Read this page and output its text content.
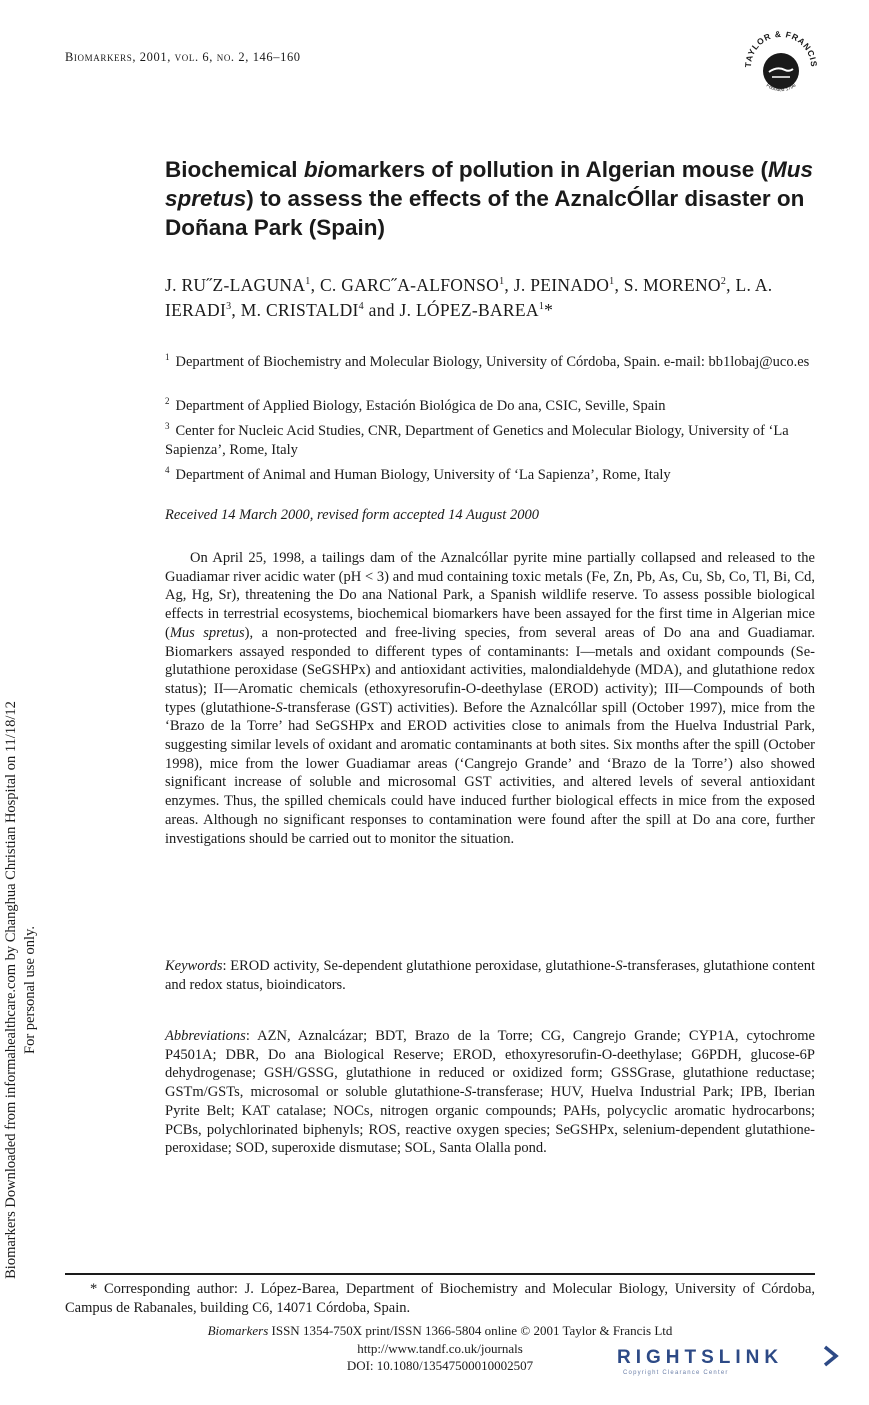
Biomarkers, 2001, vol. 6, no. 2, 146–160
TAYLOR & FRANCIS
Founded 1798
Biomarkers Downloaded from informahealthcare.com by Changhua Christian Hospital on 11/18/12 For personal use only.
Biochemical biomarkers of pollution in Algerian mouse (Mus spretus) to assess the effects of the AznalcÓllar disaster on Doñana Park (Spain)
J. RU˝Z-LAGUNA$^1$, C. GARC˝A-ALFONSO$^1$, J. PEINADO$^1$, S. MORENO$^2$, L. A. IERADI$^3$, M. CRISTALDI$^4$ and J. LÓPEZ-BAREA$^1$*
$^1$ Department of Biochemistry and Molecular Biology, University of Córdoba, Spain. e-mail: bb1lobaj@uco.es
$^2$ Department of Applied Biology, Estación Biológica de Do ana, CSIC, Seville, Spain
$^3$ Center for Nucleic Acid Studies, CNR, Department of Genetics and Molecular Biology, University of ‘La Sapienza’, Rome, Italy
$^4$ Department of Animal and Human Biology, University of ‘La Sapienza’, Rome, Italy
Received 14 March 2000, revised form accepted 14 August 2000

On April 25, 1998, a tailings dam of the Aznalcóllar pyrite mine partially collapsed and released to the Guadiamar river acidic water (pH < 3) and mud containing toxic metals (Fe, Zn, Pb, As, Cu, Sb, Co, Tl, Bi, Cd, Ag, Hg, Sr), threatening the Do ana National Park, a Spanish wildlife reserve. To assess possible biological effects in terrestrial ecosystems, biochemical biomarkers have been assayed for the first time in Algerian mice (Mus spretus), a non-protected and free-living species, from several areas of Do ana and Guadiamar. Biomarkers assayed responded to different types of contaminants: I—metals and oxidant compounds (Se-glutathione peroxidase (SeGSHPx) and antioxidant activities, malondialdehyde (MDA), and glutathione redox status); II—Aromatic chemicals (ethoxyresorufin-O-deethylase (EROD) activity); III—Compounds of both types (glutathione-S-transferase (GST) activities). Before the Aznalcóllar spill (October 1997), mice from the ‘Brazo de la Torre’ had SeGSHPx and EROD activities close to animals from the Huelva Industrial Park, suggesting similar levels of oxidant and aromatic contaminants at both sites. Six months after the spill (October 1998), mice from the lower Guadiamar areas (‘Cangrejo Grande’ and ‘Brazo de la Torre’) also showed significant increase of soluble and microsomal GST activities, and altered levels of several antioxidant enzymes. Thus, the spilled chemicals could have induced further biological effects in mice from the exposed areas. Although no significant responses to contamination were found after the spill at Do ana core, further investigations should be carried out to monitor the situation.

Keywords: EROD activity, Se-dependent glutathione peroxidase, glutathione-S-transferases, glutathione content and redox status, bioindicators.

Abbreviations: AZN, Aznalcázar; BDT, Brazo de la Torre; CG, Cangrejo Grande; CYP1A, cytochrome P4501A; DBR, Do ana Biological Reserve; EROD, ethoxyresorufin-O-deethylase; G6PDH, glucose-6P dehydrogenase; GSH/GSSG, glutathione in reduced or oxidized form; GSSGrase, glutathione reductase; GSTm/GSTs, microsomal or soluble glutathione-S-transferase; HUV, Huelva Industrial Park; IPB, Iberian Pyrite Belt; KAT catalase; NOCs, nitrogen organic compounds; PAHs, polycyclic aromatic hydrocarbons; PCBs, polychlorinated biphenyls; ROS, reactive oxygen species; SeGSHPx, selenium-dependent glutathione-peroxidase; SOD, superoxide dismutase; SOL, Santa Olalla pond.

* Corresponding author: J. López-Barea, Department of Biochemistry and Molecular Biology, University of Córdoba, Campus de Rabanales, building C6, 14071 Córdoba, Spain.

Biomarkers ISSN 1354-750X print/ISSN 1366-5804 online © 2001 Taylor & Francis Ltd
http://www.tandf.co.uk/journals
DOI: 10.1080/13547500010002507	RIGHTSLINK
Copyright Clearance Center
